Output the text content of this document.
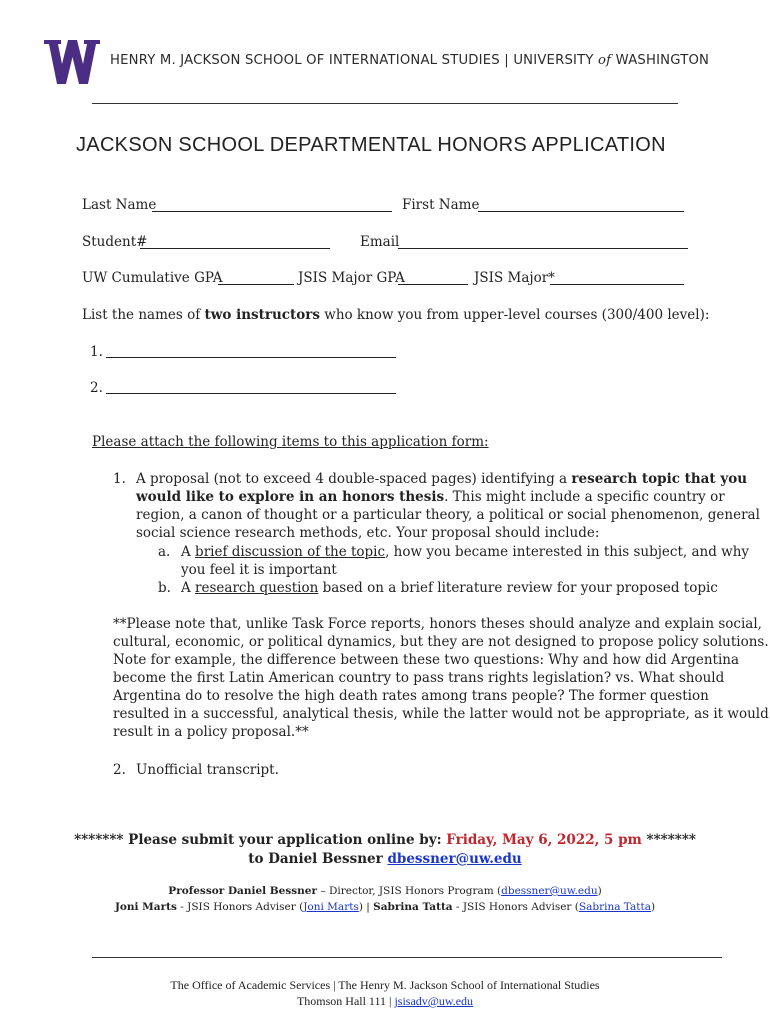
HENRY M. JACKSON SCHOOL OF INTERNATIONAL STUDIES | UNIVERSITY of WASHINGTON
JACKSON SCHOOL DEPARTMENTAL HONORS APPLICATION
Last Name	First Name
Student#	Email
UW Cumulative GPA	JSIS Major GPA	JSIS Major*
List the names of two instructors who know you from upper-level courses (300/400 level):
1.
2.
Please attach the following items to this application form:
1. A proposal (not to exceed 4 double-spaced pages) identifying a research topic that you
would like to explore in an honors thesis. This might include a specific country or
region, a canon of thought or a particular theory, a political or social phenomenon, general
social science research methods, etc. Your proposal should include:
a. A brief discussion of the topic, how you became interested in this subject, and why
you feel it is important
b. A research question based on a brief literature review for your proposed topic
**Please note that, unlike Task Force reports, honors theses should analyze and explain social,
cultural, economic, or political dynamics, but they are not designed to propose policy solutions.
Note for example, the difference between these two questions: Why and how did Argentina
become the first Latin American country to pass trans rights legislation? vs. What should
Argentina do to resolve the high death rates among trans people? The former question
resulted in a successful, analytical thesis, while the latter would not be appropriate, as it would
result in a policy proposal.**
2. Unofficial transcript.
******* Please submit your application online by: Friday, May 6, 2022, 5 pm *******
to Daniel Bessner dbessner@uw.edu
Professor Daniel Bessner – Director, JSIS Honors Program (dbessner@uw.edu)
Joni Marts - JSIS Honors Adviser (Joni Marts) | Sabrina Tatta - JSIS Honors Adviser (Sabrina Tatta)
The Office of Academic Services | The Henry M. Jackson School of International Studies
Thomson Hall 111 | jsisadv@uw.edu
